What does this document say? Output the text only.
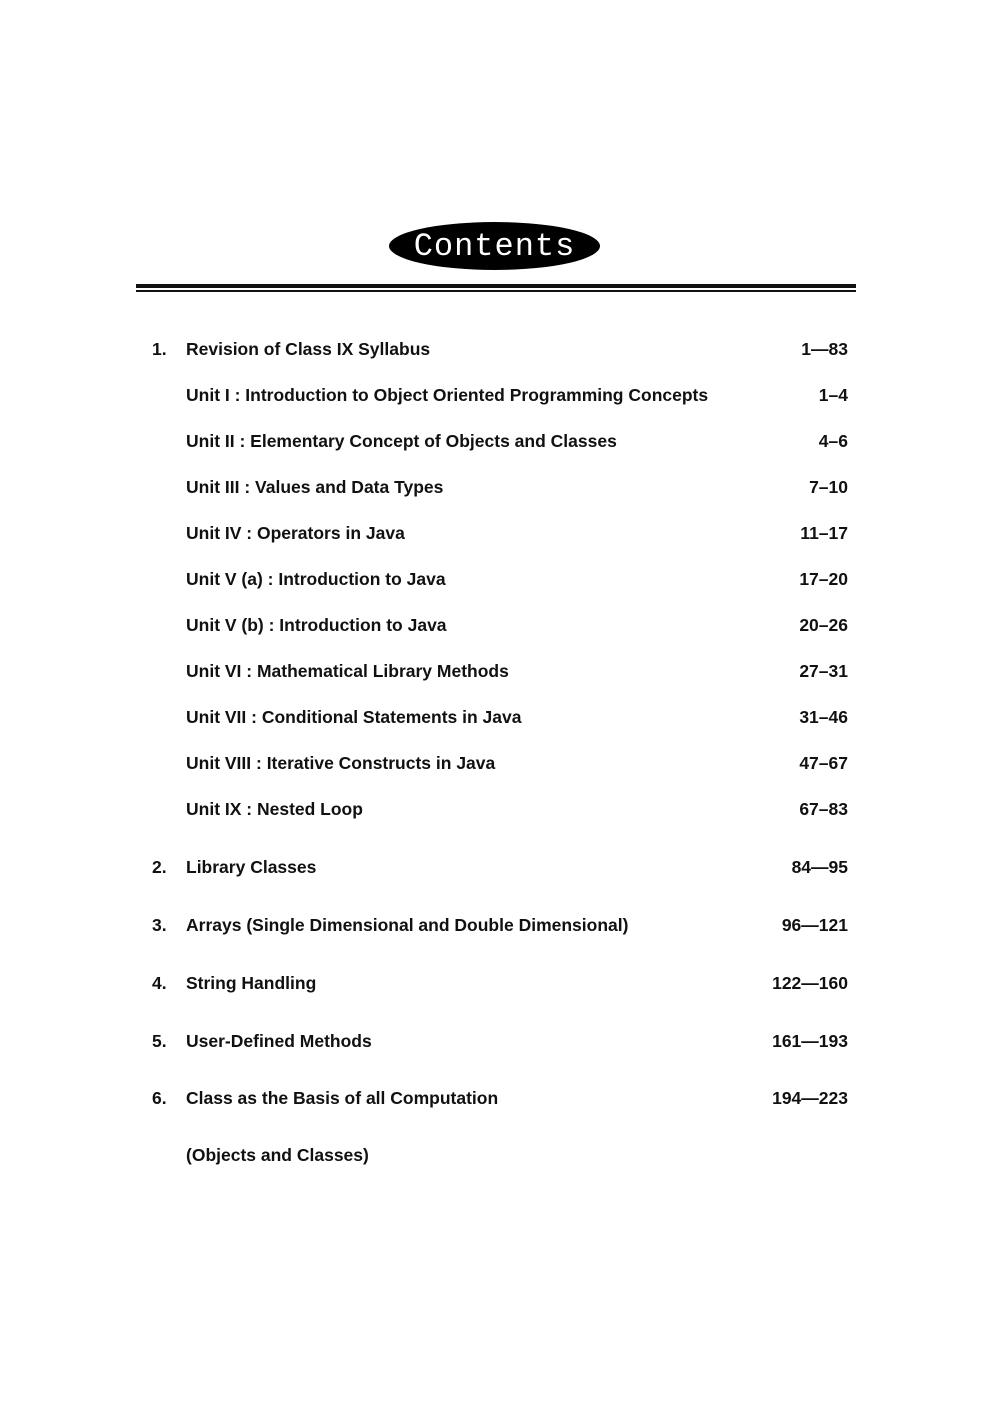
Contents
1. Revision of Class IX Syllabus	1—83
Unit I : Introduction to Object Oriented Programming Concepts	1–4
Unit II : Elementary Concept of Objects and Classes	4–6
Unit III : Values and Data Types	7–10
Unit IV : Operators in Java	11–17
Unit V (a) : Introduction to Java	17–20
Unit V (b) : Introduction to Java	20–26
Unit VI : Mathematical Library Methods	27–31
Unit VII : Conditional Statements in Java	31–46
Unit VIII : Iterative Constructs in Java	47–67
Unit IX : Nested Loop	67–83
2. Library Classes	84—95
3. Arrays (Single Dimensional and Double Dimensional)	96—121
4. String Handling	122—160
5. User-Defined Methods	161—193
6. Class as the Basis of all Computation	194—223
(Objects and Classes)
